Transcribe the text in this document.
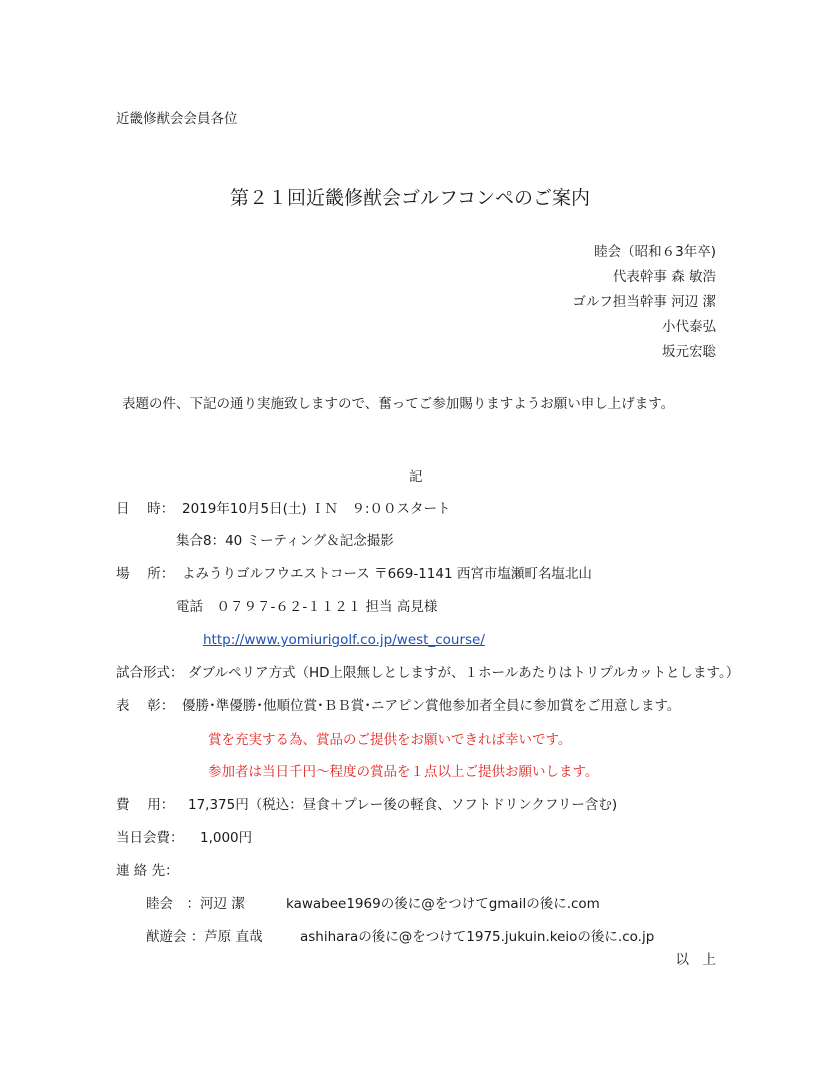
近畿修猷会会員各位
第２１回近畿修猷会ゴルフコンペのご案内
睦会（昭和６3年卒)
代表幹事 森 敏浩
ゴルフ担当幹事 河辺 潔
小代泰弘
坂元宏聡
表題の件、下記の通り実施致しますので、奮ってご参加賜りますようお願い申し上げます。
記
日　 時： 2019年10月5日(土) ＩＮ　９:００スタート
集合8：40 ミーティング＆記念撮影
場　 所： よみうりゴルフウエストコース 〒669-1141 西宮市塩瀬町名塩北山
電話　０７９７-６２-１１２１ 担当 高見様
http://www.yomiurigolf.co.jp/west_course/
試合形式： ダブルペリア方式（HD上限無しとしますが、１ホールあたりはトリプルカットとします。）
表　 彰： 優勝･準優勝･他順位賞･ＢＢ賞･ニアピン賞他参加者全員に参加賞をご用意します。
賞を充実する為、賞品のご提供をお願いできれば幸いです。
参加者は当日千円～程度の賞品を１点以上ご提供お願いします。
費　 用： 17,375円（税込：昼食＋プレー後の軽食、ソフトドリンクフリー含む)
当日会費： 1,000円
連 絡 先：
睦会　：河辺 潔	kawabee1969の後に@をつけてgmailの後に.com
猷遊会 ：芦原 直哉	ashiharaの後に@をつけて1975.jukuin.keioの後に.co.jp
以　上
